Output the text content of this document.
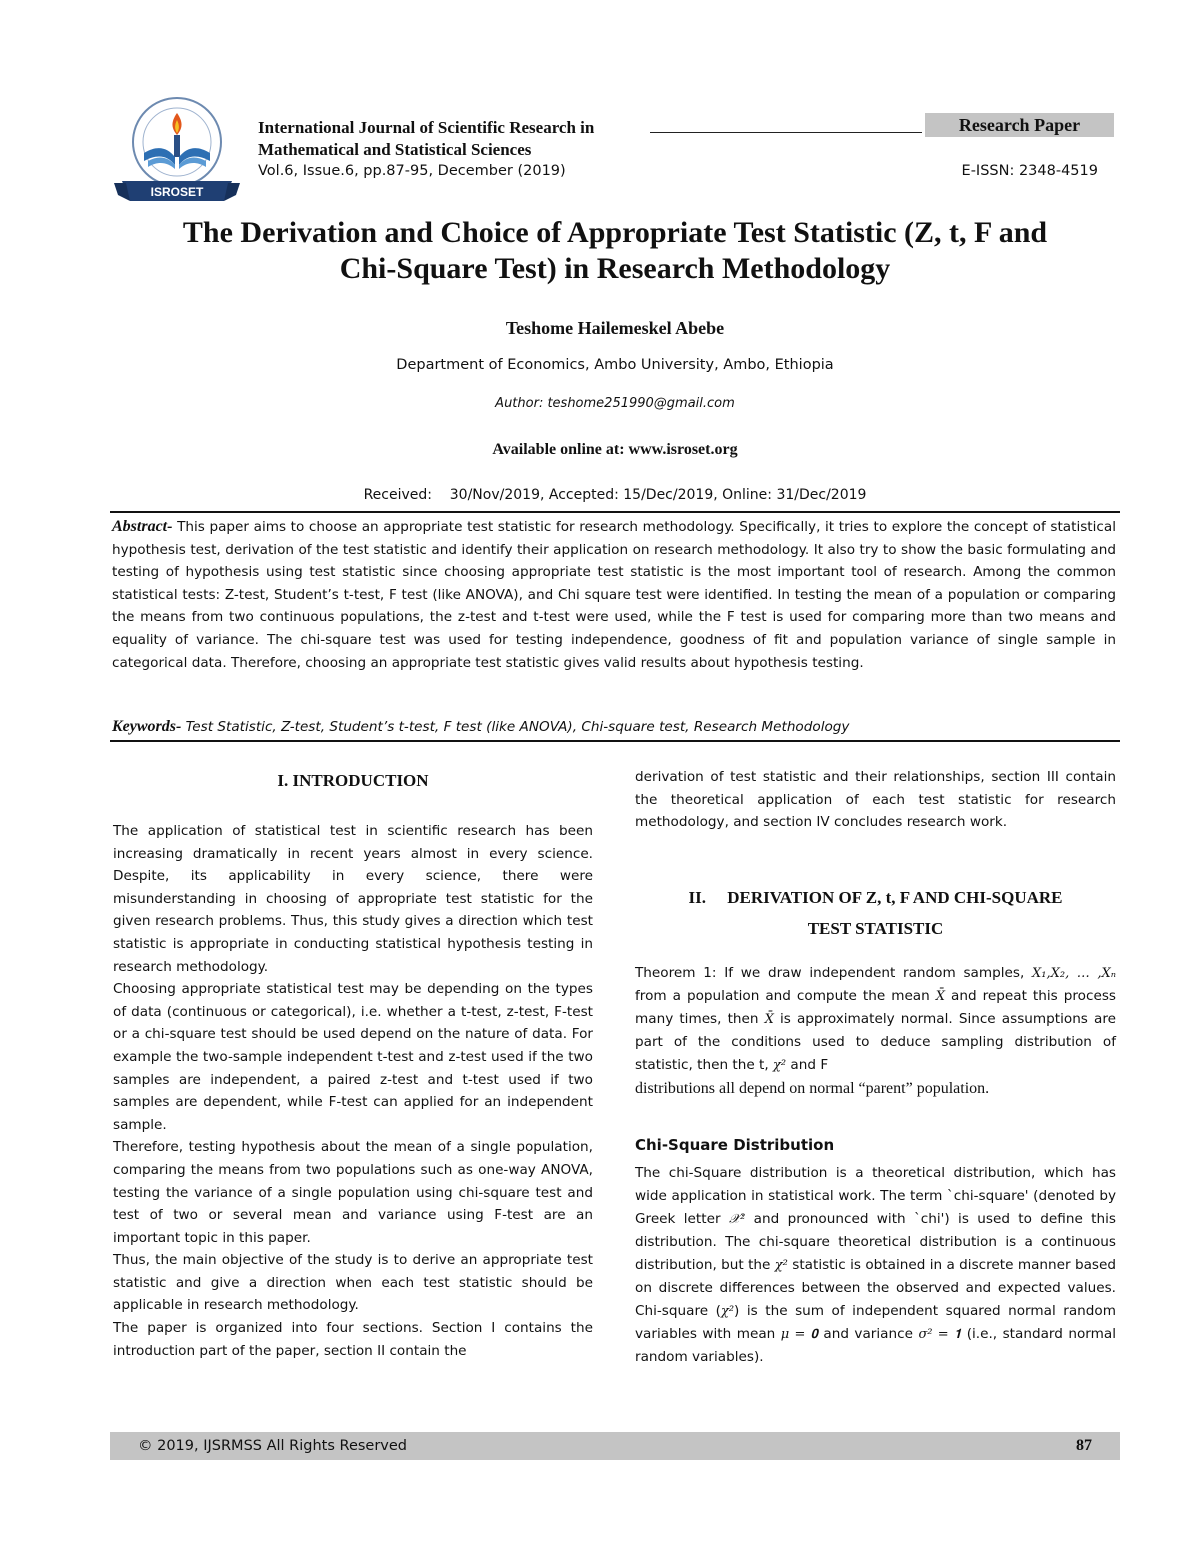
ISROSET
International Journal of Scientific Research in	Research Paper
Mathematical and Statistical Sciences
Vol.6, Issue.6, pp.87-95, December (2019)	E-ISSN: 2348-4519
The Derivation and Choice of Appropriate Test Statistic (Z, t, F and
Chi-Square Test) in Research Methodology
Teshome Hailemeskel Abebe
Department of Economics, Ambo University, Ambo, Ethiopia
Author: teshome251990@gmail.com
Available online at: www.isroset.org
Received:    30/Nov/2019, Accepted: 15/Dec/2019, Online: 31/Dec/2019
Abstract- This paper aims to choose an appropriate test statistic for research methodology. Specifically, it tries to explore the concept of statistical hypothesis test, derivation of the test statistic and identify their application on research methodology. It also try to show the basic formulating and testing of hypothesis using test statistic since choosing appropriate test statistic is the most important tool of research. Among the common statistical tests: Z-test, Student’s t-test, F test (like ANOVA), and Chi square test were identified. In testing the mean of a population or comparing the means from two continuous populations, the z-test and t-test were used, while the F test is used for comparing more than two means and equality of variance. The chi-square test was used for testing independence, goodness of fit and population variance of single sample in categorical data. Therefore, choosing an appropriate test statistic gives valid results about hypothesis testing.
Keywords- Test Statistic, Z-test, Student’s t-test, F test (like ANOVA), Chi-square test, Research Methodology
I. INTRODUCTION

The application of statistical test in scientific research has been increasing dramatically in recent years almost in every science. Despite, its applicability in every science, there were misunderstanding in choosing of appropriate test statistic for the given research problems. Thus, this study gives a direction which test statistic is appropriate in conducting statistical hypothesis testing in research methodology.

Choosing appropriate statistical test may be depending on the types of data (continuous or categorical), i.e. whether a t-test, z-test, F-test or a chi-square test should be used depend on the nature of data. For example the two-sample independent t-test and z-test used if the two samples are independent, a paired z-test and t-test used if two samples are dependent, while F-test can applied for an independent sample.

Therefore, testing hypothesis about the mean of a single population, comparing the means from two populations such as one-way ANOVA, testing the variance of a single population using chi-square test and test of two or several mean and variance using F-test are an important topic in this paper.

Thus, the main objective of the study is to derive an appropriate test statistic and give a direction when each test statistic should be applicable in research methodology.

The paper is organized into four sections. Section I contains the introduction part of the paper, section II contain the

derivation of test statistic and their relationships, section III contain the theoretical application of each test statistic for research methodology, and section IV concludes research work.
II.     DERIVATION OF Z, t, F AND CHI-SQUARE
TEST STATISTIC
Theorem 1: If we draw independent random samples, X₁,X₂, … ,Xₙ from a population and compute the mean X̄ and repeat this process many times, then X̄ is approximately normal. Since assumptions are part of the conditions used to deduce sampling distribution of statistic, then the t, χ² and F
distributions all depend on normal “parent” population.
Chi-Square Distribution
The chi-Square distribution is a theoretical distribution, which has wide application in statistical work. The term `chi-square' (denoted by Greek letter 𝒳² and pronounced with `chi') is used to define this distribution. The chi-square theoretical distribution is a continuous distribution, but the χ² statistic is obtained in a discrete manner based on discrete differences between the observed and expected values. Chi-square (χ²) is the sum of independent squared normal random variables with mean μ = 𝟎 and variance σ² = 𝟏 (i.e., standard normal random variables).
© 2019, IJSRMSS All Rights Reserved	87
